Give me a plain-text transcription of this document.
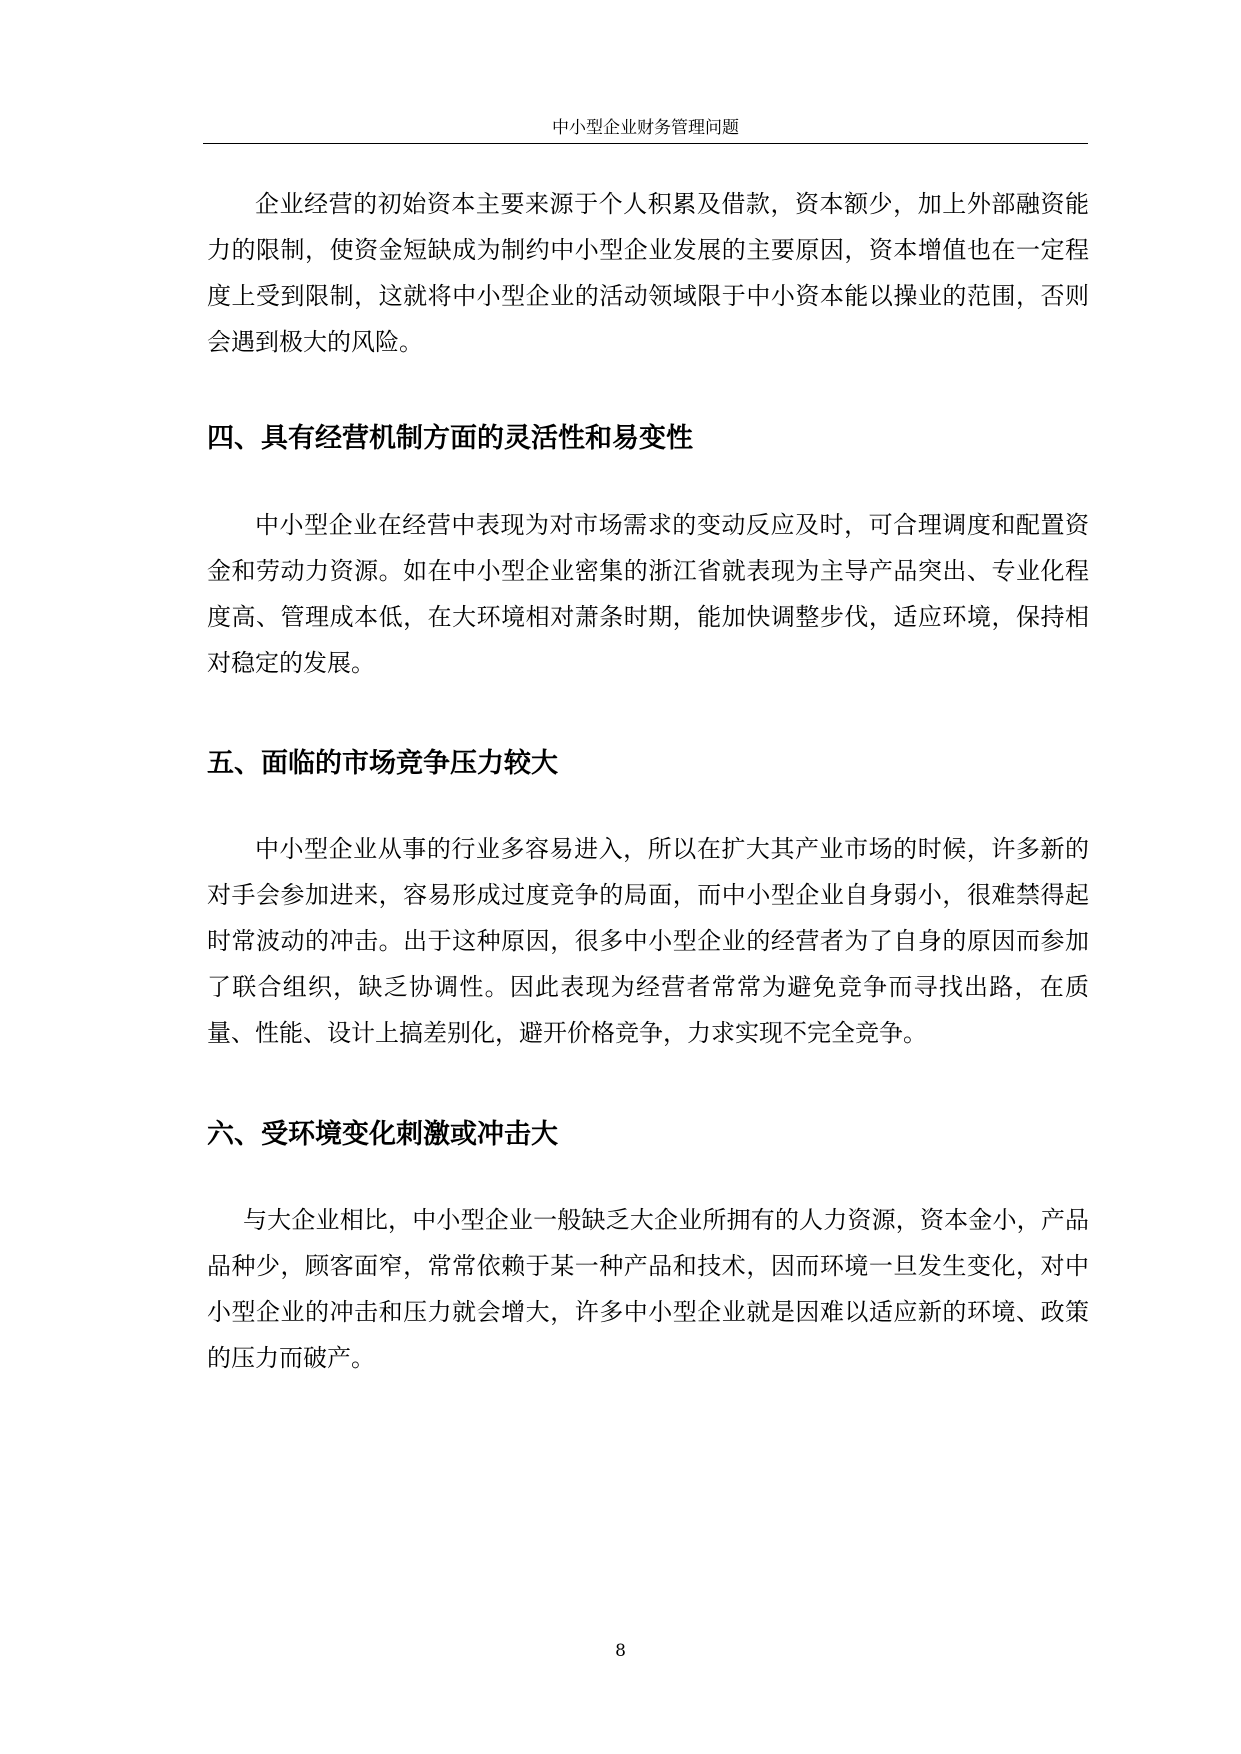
中小型企业财务管理问题

企业经营的初始资本主要来源于个人积累及借款，资本额少，加上外部融资能力的限制，使资金短缺成为制约中小型企业发展的主要原因，资本增值也在一定程度上受到限制，这就将中小型企业的活动领域限于中小资本能以操业的范围，否则会遇到极大的风险。

四、具有经营机制方面的灵活性和易变性

中小型企业在经营中表现为对市场需求的变动反应及时，可合理调度和配置资金和劳动力资源。如在中小型企业密集的浙江省就表现为主导产品突出、专业化程度高、管理成本低，在大环境相对萧条时期，能加快调整步伐，适应环境，保持相对稳定的发展。

五、面临的市场竞争压力较大

中小型企业从事的行业多容易进入，所以在扩大其产业市场的时候，许多新的对手会参加进来，容易形成过度竞争的局面，而中小型企业自身弱小，很难禁得起时常波动的冲击。出于这种原因，很多中小型企业的经营者为了自身的原因而参加了联合组织，缺乏协调性。因此表现为经营者常常为避免竞争而寻找出路，在质量、性能、设计上搞差别化，避开价格竞争，力求实现不完全竞争。

六、受环境变化刺激或冲击大

与大企业相比，中小型企业一般缺乏大企业所拥有的人力资源，资本金小，产品品种少，顾客面窄，常常依赖于某一种产品和技术，因而环境一旦发生变化，对中小型企业的冲击和压力就会增大，许多中小型企业就是因难以适应新的环境、政策的压力而破产。

8
